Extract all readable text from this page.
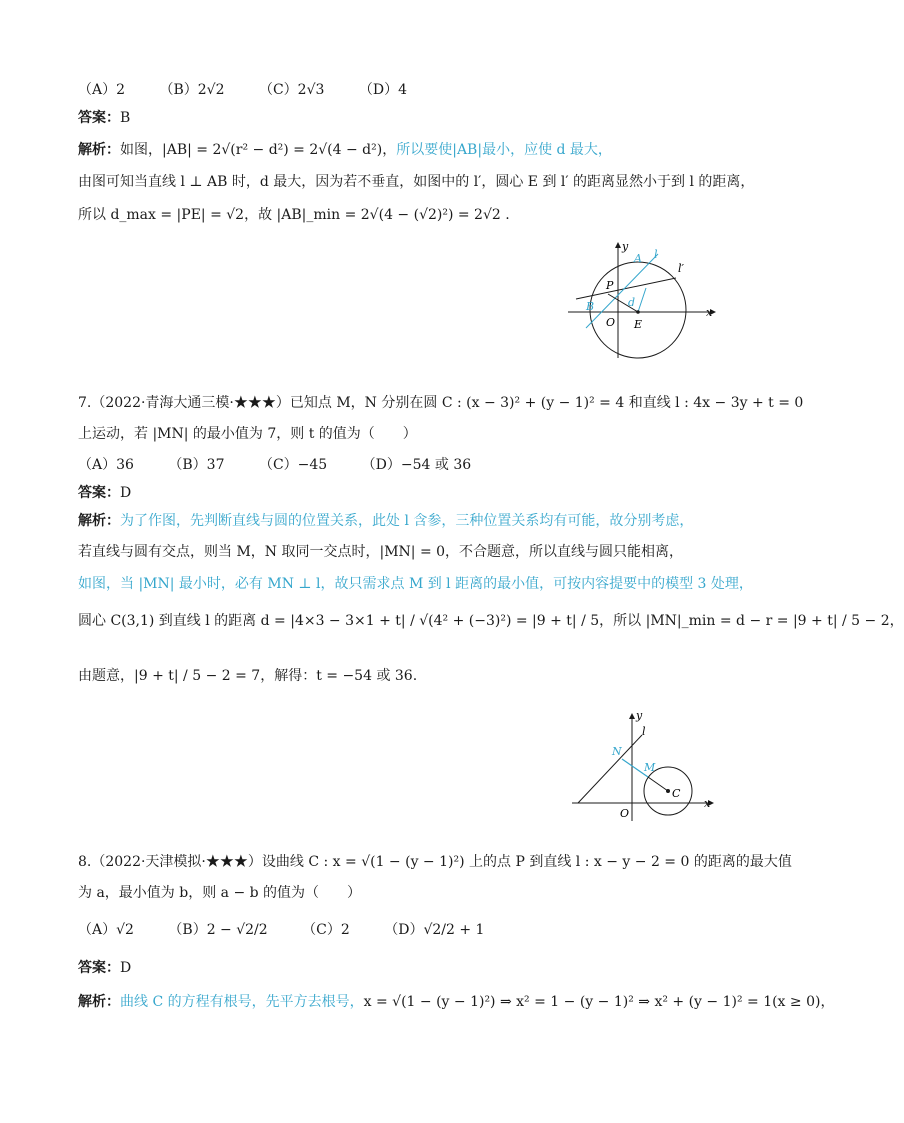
（A）2 （B）2√2 （C）2√3 （D）4
答案：B
解析：如图，|AB| = 2√(r² − d²) = 2√(4 − d²)，所以要使|AB|最小，应使 d 最大，
由图可知当直线 l ⊥ AB 时，d 最大，因为若不垂直，如图中的 l′，圆心 E 到 l′ 的距离显然小于到 l 的距离，
所以 d_max = |PE| = √2，故 |AB|_min = 2√(4 − (√2)²) = 2√2 .
y
A l
l′
P
B	d
O E
x
7.（2022·青海大通三模·★★★）已知点 M，N 分别在圆 C : (x − 3)² + (y − 1)² = 4 和直线 l : 4x − 3y + t = 0
上运动，若 |MN| 的最小值为 7，则 t 的值为（　　）
（A）36 （B）37 （C）−45 （D）−54 或 36
答案：D
解析：为了作图，先判断直线与圆的位置关系，此处 l 含参，三种位置关系均有可能，故分别考虑，
若直线与圆有交点，则当 M，N 取同一交点时，|MN| = 0，不合题意，所以直线与圆只能相离，
如图，当 |MN| 最小时，必有 MN ⊥ l，故只需求点 M 到 l 距离的最小值，可按内容提要中的模型 3 处理，
圆心 C(3,1) 到直线 l 的距离 d = |4×3 − 3×1 + t| / √(4² + (−3)²) = |9 + t| / 5，所以 |MN|_min = d − r = |9 + t| / 5 − 2，
由题意，|9 + t| / 5 − 2 = 7，解得：t = −54 或 36.
y
l
N
M
C
O
x
8.（2022·天津模拟·★★★）设曲线 C : x = √(1 − (y − 1)²) 上的点 P 到直线 l : x − y − 2 = 0 的距离的最大值
为 a，最小值为 b，则 a − b 的值为（　　）
（A）√2 （B）2 − √2/2 （C）2 （D）√2/2 + 1
答案：D
解析：曲线 C 的方程有根号，先平方去根号，x = √(1 − (y − 1)²) ⇒ x² = 1 − (y − 1)² ⇒ x² + (y − 1)² = 1(x ≥ 0)，
